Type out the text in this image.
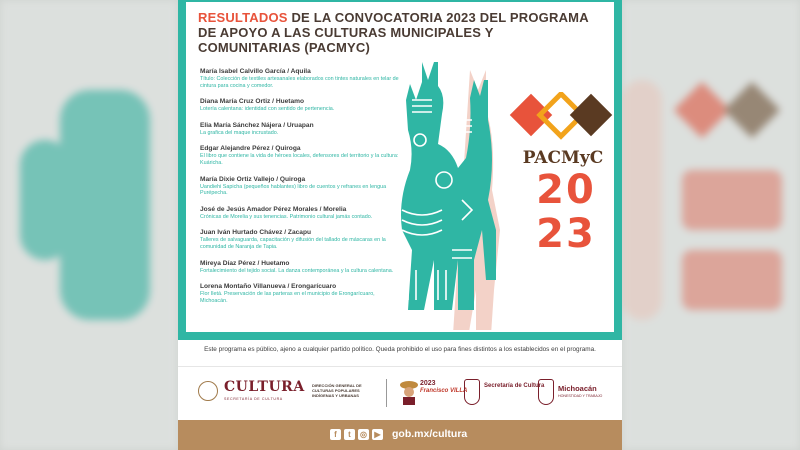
RESULTADOS DE LA CONVOCATORIA 2023 DEL PROGRAMA DE APOYO A LAS CULTURAS MUNICIPALES Y COMUNITARIAS (PACMYC)
María Isabel Calvillo García / Aquila
Título: Colección de textiles artesanales elaborados con tintes naturales en telar de cintura para cocina y comedor.
Diana María Cruz Ortiz / Huetamo
Lotería calentana: identidad con sentido de pertenencia.
Elia María Sánchez Nájera / Uruapan
La grafica del maque incrustado.
Edgar Alejandre Pérez / Quiroga
El libro que contiene la vida de héroes locales, defensores del territorio y la cultura: Kuáricha.
María Dixie Ortiz Vallejo / Quiroga
Uandiehi Sapicha (pequeños hablantes) libro de cuentos y refranes en lengua Purépecha.
José de Jesús Amador Pérez Morales / Morelia
Crónicas de Morelia y sus tenencias. Patrimonio cultural jamás contado.
Juan Iván Hurtado Chávez / Zacapu
Talleres de salvaguarda, capacitación y difusión del tallado de máscaras en la comunidad de Naranja de Tapia.
Mireya Díaz Pérez / Huetamo
Fortalecimiento del tejido social. La danza contemporánea y la cultura calentana.
Lorena Montaño Villanueva / Erongarícuaro
Flor Iletá. Preservación de las parteras en el municipio de Erongarícuaro, Michoacán.
PACMyC
20
23
Este programa es público, ajeno a cualquier partido político. Queda prohibido el uso para fines distintos a los establecidos en el programa.
CULTURA
SECRETARÍA DE CULTURA
DIRECCIÓN GENERAL DE CULTURAS POPULARES INDÍGENAS Y URBANAS
2023
Francisco VILLA
Secretaría de Cultura Michoacán
HONESTIDAD Y TRABAJO
f	t	◎ ▶ gob.mx/cultura
